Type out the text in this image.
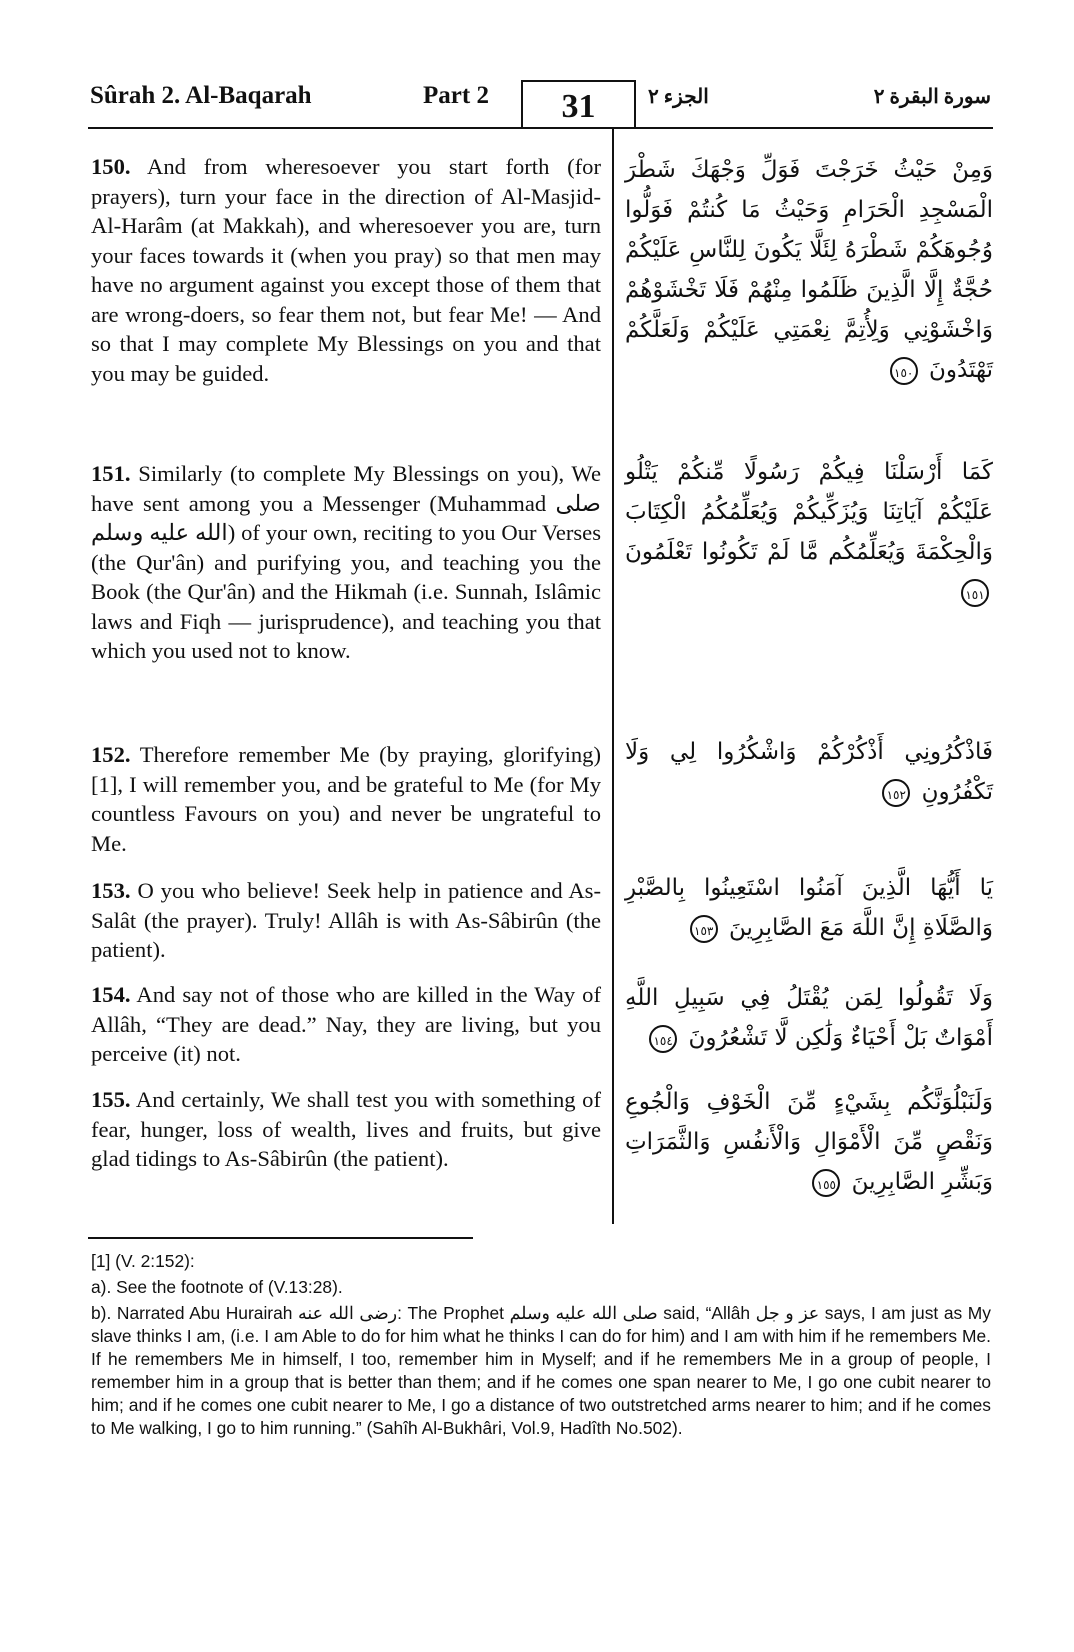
Sûrah 2. Al-Baqarah	Part 2	31	الجزء ٢	سورة البقرة ٢
150. And from wheresoever you start forth (for prayers), turn your face in the direction of Al-Masjid-Al-Harâm (at Makkah), and wheresoever you are, turn your faces towards it (when you pray) so that men may have no argument against you except those of them that are wrong-doers, so fear them not, but fear Me! — And so that I may complete My Blessings on you and that you may be guided.
وَمِنْ حَيْثُ خَرَجْتَ فَوَلِّ وَجْهَكَ شَطْرَ الْمَسْجِدِ الْحَرَامِ وَحَيْثُ مَا كُنتُمْ فَوَلُّوا وُجُوهَكُمْ شَطْرَهُ لِئَلَّا يَكُونَ لِلنَّاسِ عَلَيْكُمْ حُجَّةٌ إِلَّا الَّذِينَ ظَلَمُوا مِنْهُمْ فَلَا تَخْشَوْهُمْ وَاخْشَوْنِي وَلِأُتِمَّ نِعْمَتِي عَلَيْكُمْ وَلَعَلَّكُمْ تَهْتَدُونَ ١٥٠
151. Similarly (to complete My Blessings on you), We have sent among you a Messenger (Muhammad صلى الله عليه وسلم) of your own, reciting to you Our Verses (the Qur'ân) and purifying you, and teaching you the Book (the Qur'ân) and the Hikmah (i.e. Sunnah, Islâmic laws and Fiqh — jurisprudence), and teaching you that which you used not to know.
كَمَا أَرْسَلْنَا فِيكُمْ رَسُولًا مِّنكُمْ يَتْلُو عَلَيْكُمْ آيَاتِنَا وَيُزَكِّيكُمْ وَيُعَلِّمُكُمُ الْكِتَابَ وَالْحِكْمَةَ وَيُعَلِّمُكُم مَّا لَمْ تَكُونُوا تَعْلَمُونَ ١٥١
152. Therefore remember Me (by praying, glorifying)[1], I will remember you, and be grateful to Me (for My countless Favours on you) and never be ungrateful to Me.
فَاذْكُرُونِي أَذْكُرْكُمْ وَاشْكُرُوا لِي وَلَا تَكْفُرُونِ ١٥٢
153. O you who believe! Seek help in patience and As-Salât (the prayer). Truly! Allâh is with As-Sâbirûn (the patient).
يَا أَيُّهَا الَّذِينَ آمَنُوا اسْتَعِينُوا بِالصَّبْرِ وَالصَّلَاةِ إِنَّ اللَّهَ مَعَ الصَّابِرِينَ ١٥٣
154. And say not of those who are killed in the Way of Allâh, “They are dead.” Nay, they are living, but you perceive (it) not.
وَلَا تَقُولُوا لِمَن يُقْتَلُ فِي سَبِيلِ اللَّهِ أَمْوَاتٌ بَلْ أَحْيَاءٌ وَلَٰكِن لَّا تَشْعُرُونَ ١٥٤
155. And certainly, We shall test you with something of fear, hunger, loss of wealth, lives and fruits, but give glad tidings to As-Sâbirûn (the patient).
وَلَنَبْلُوَنَّكُم بِشَيْءٍ مِّنَ الْخَوْفِ وَالْجُوعِ وَنَقْصٍ مِّنَ الْأَمْوَالِ وَالْأَنفُسِ وَالثَّمَرَاتِ وَبَشِّرِ الصَّابِرِينَ ١٥٥
[1] (V. 2:152):
a). See the footnote of (V.13:28).
b). Narrated Abu Hurairah رضى الله عنه: The Prophet صلى الله عليه وسلم said, “Allâh عز و جل says, I am just as My slave thinks I am, (i.e. I am Able to do for him what he thinks I can do for him) and I am with him if he remembers Me. If he remembers Me in himself, I too, remember him in Myself; and if he remembers Me in a group of people, I remember him in a group that is better than them; and if he comes one span nearer to Me, I go one cubit nearer to him; and if he comes one cubit nearer to Me, I go a distance of two outstretched arms nearer to him; and if he comes to Me walking, I go to him running.” (Sahîh Al-Bukhâri, Vol.9, Hadîth No.502).
